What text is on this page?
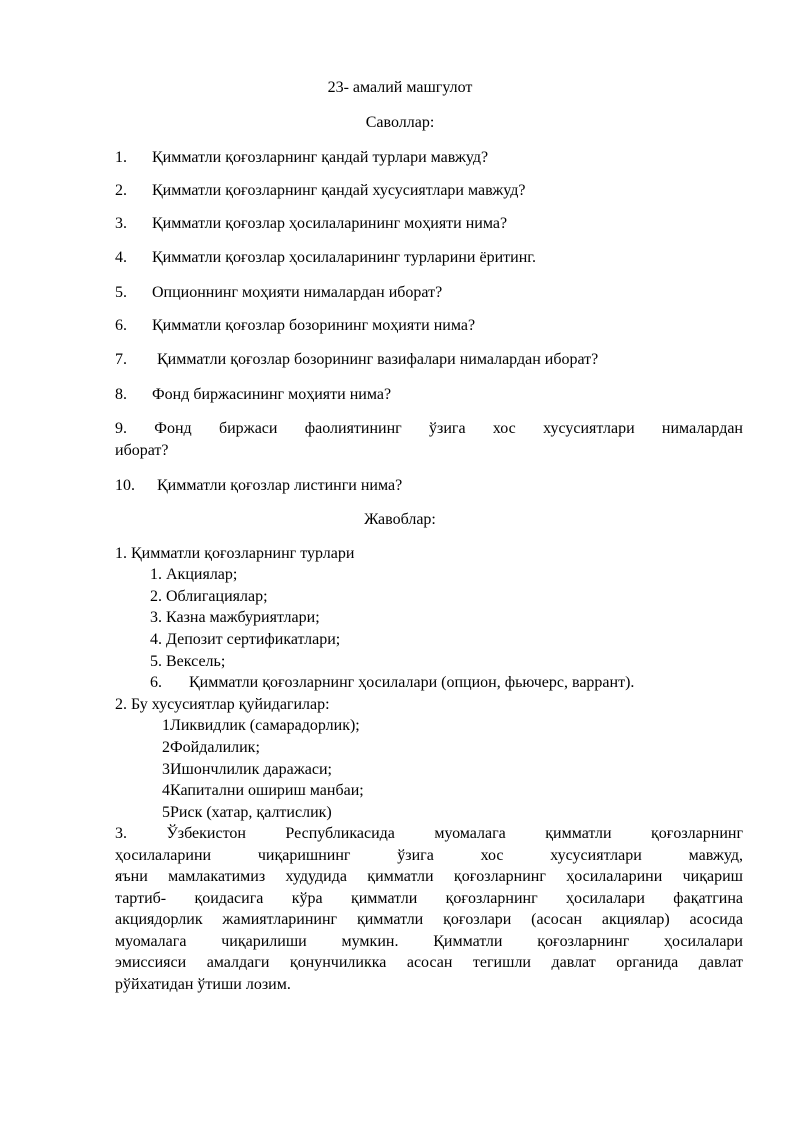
23- амалий машгулот
Саволлар:
1. Қимматли қоғозларнинг қандай турлари мавжуд?
2. Қимматли қоғозларнинг қандай хусусиятлари мавжуд?
3. Қимматли қоғозлар ҳосилаларининг моҳияти нима?
4. Қимматли қоғозлар ҳосилаларининг турларини ёритинг.
5. Опционнинг моҳияти нималардан иборат?
6. Қимматли қоғозлар бозорининг моҳияти нима?
7. Қимматли қоғозлар бозорининг вазифалари нималардан иборат?
8. Фонд биржасининг моҳияти нима?
9. Фонд биржаси фаолиятининг ўзига хос хусусиятлари нималардан
иборат?
10. Қимматли қоғозлар листинги нима?
Жавоблар:
1. Қимматли қоғозларнинг турлари
1. Акциялар;
2. Облигациялар;
3. Казна мажбуриятлари;
4. Депозит сертификатлари;
5. Вексель;
6. Қимматли қоғозларнинг ҳосилалари (опцион, фьючерс, варрант).
2. Бу хусусиятлар қуйидагилар:
1Ликвидлик (самарадорлик);
2Фойдалилик;
3Ишончлилик даражаси;
4Капитални ошириш манбаи;
5Риск (хатар, қалтислик)
3. Ўзбекистон Республикасида муомалага қимматли қоғозларнинг
ҳосилаларини чиқаришнинг ўзига хос хусусиятлари мавжуд,
яъни мамлакатимиз худудида қимматли қоғозларнинг ҳосилаларини чиқариш
тартиб- қоидасига кўра қимматли қоғозларнинг ҳосилалари фақатгина
акциядорлик жамиятларининг қимматли қоғозлари (асосан акциялар) асосида
муомалага чиқарилиши мумкин. Қимматли қоғозларнинг ҳосилалари
эмиссияси амалдаги қонунчиликка асосан тегишли давлат органида давлат
рўйхатидан ўтиши лозим.
